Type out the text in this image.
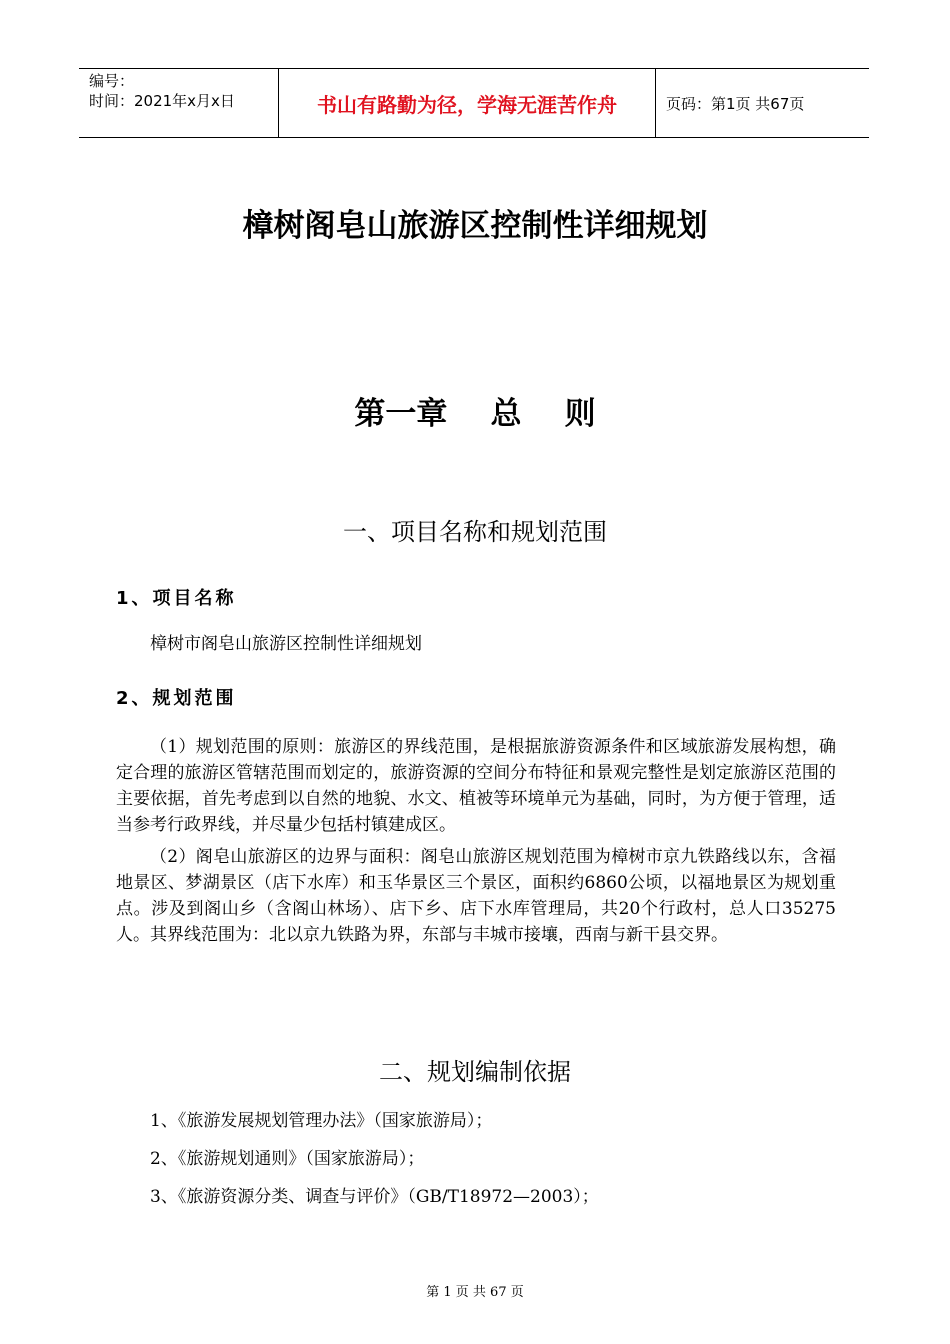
编号：
时间：2021年x月x日	书山有路勤为径，学海无涯苦作舟	页码：第1页 共67页
樟树阁皂山旅游区控制性详细规划
第一章    总    则
一、项目名称和规划范围
1、项目名称
樟树市阁皂山旅游区控制性详细规划
2、规划范围
（1）规划范围的原则：旅游区的界线范围，是根据旅游资源条件和区域旅游发展构想，确定合理的旅游区管辖范围而划定的，旅游资源的空间分布特征和景观完整性是划定旅游区范围的主要依据，首先考虑到以自然的地貌、水文、植被等环境单元为基础，同时，为方便于管理，适当参考行政界线，并尽量少包括村镇建成区。
（2）阁皂山旅游区的边界与面积：阁皂山旅游区规划范围为樟树市京九铁路线以东，含福地景区、梦湖景区（店下水库）和玉华景区三个景区，面积约6860公顷，以福地景区为规划重点。涉及到阁山乡（含阁山林场）、店下乡、店下水库管理局，共20个行政村，总人口35275人。其界线范围为：北以京九铁路为界，东部与丰城市接壤，西南与新干县交界。
二、规划编制依据
1、《旅游发展规划管理办法》（国家旅游局）；
2、《旅游规划通则》（国家旅游局）；
3、《旅游资源分类、调查与评价》（GB/T18972—2003）；
第 1 页 共 67 页
